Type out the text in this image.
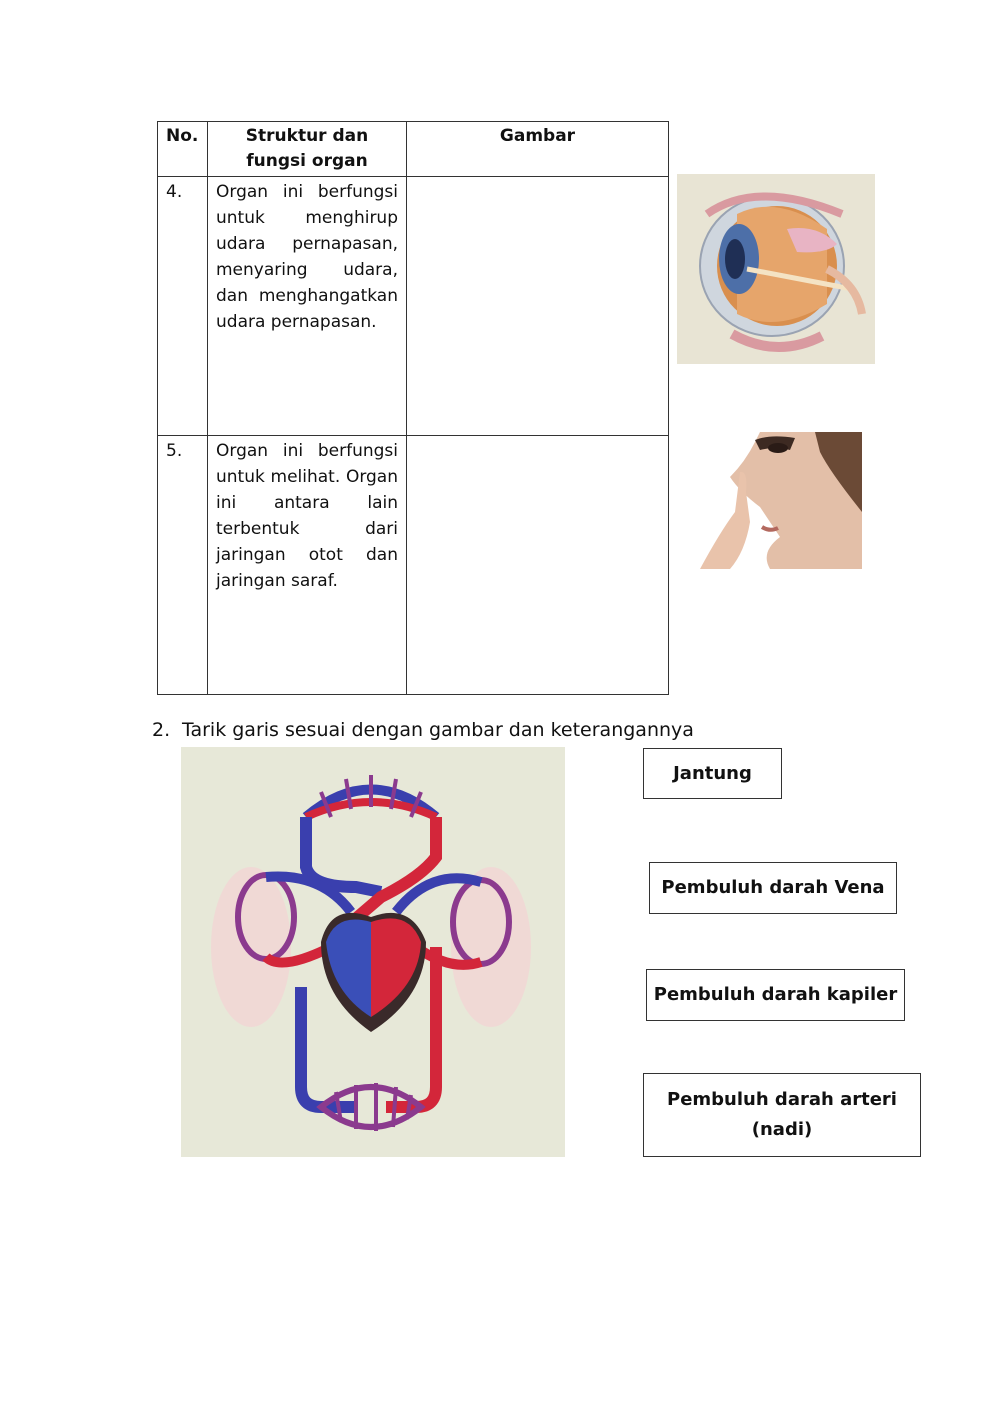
No.	Struktur dan fungsi organ	Gambar
4.	Organ ini berfungsi untuk menghirup udara pernapasan, menyaring udara, dan menghangatkan udara pernapasan.	
5.	Organ ini berfungsi untuk melihat. Organ ini antara lain terbentuk dari jaringan otot dan jaringan saraf.	
2. Tarik garis sesuai dengan gambar dan keterangannya
Jantung
Pembuluh darah Vena
Pembuluh darah kapiler
Pembuluh darah arteri (nadi)
